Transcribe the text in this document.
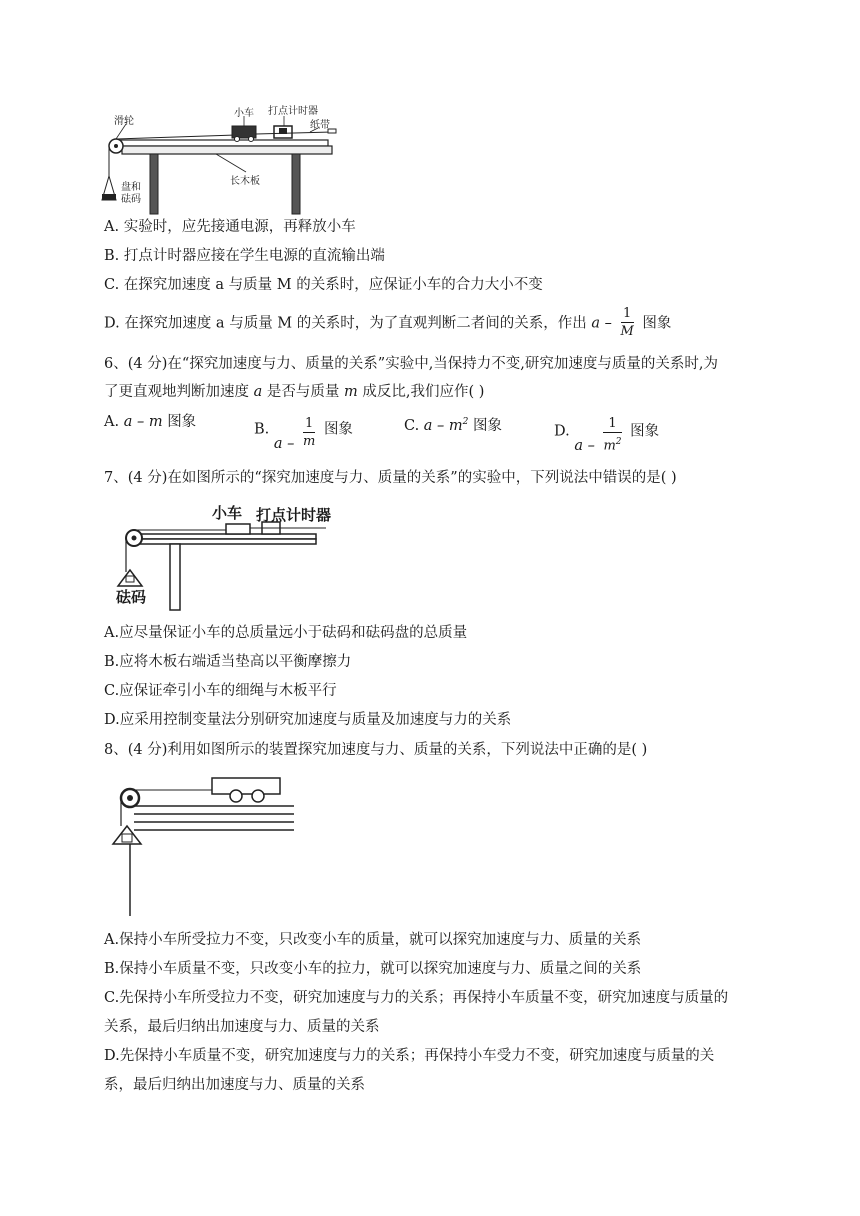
滑轮
小车 打点计时器
纸带
长木板
盘和
砝码
A. 实验时，应先接通电源，再释放小车
B. 打点计时器应接在学生电源的直流输出端
C. 在探究加速度 a 与质量 M 的关系时，应保证小车的合力大小不变
D. 在探究加速度 a 与质量 M 的关系时，为了直观判断二者间的关系，作出 a – $\frac{1}{M}$ 图象
6、(4 分)在“探究加速度与力、质量的关系”实验中,当保持力不变,研究加速度与质量的关系时,为
了更直观地判断加速度 a 是否与质量 m 成反比,我们应作( )
A. a – m 图象	B. a – $\frac{1}{m}$ 图象	C. a – $m^2$ 图象	D. a – $\frac{1}{m^2}$ 图象
7、(4 分)在如图所示的“探究加速度与力、质量的关系”的实验中，下列说法中错误的是( )
小车 打点计时器
砝码
A.应尽量保证小车的总质量远小于砝码和砝码盘的总质量
B.应将木板右端适当垫高以平衡摩擦力
C.应保证牵引小车的细绳与木板平行
D.应采用控制变量法分别研究加速度与质量及加速度与力的关系
8、(4 分)利用如图所示的装置探究加速度与力、质量的关系，下列说法中正确的是( )
A.保持小车所受拉力不变，只改变小车的质量，就可以探究加速度与力、质量的关系
B.保持小车质量不变，只改变小车的拉力，就可以探究加速度与力、质量之间的关系
C.先保持小车所受拉力不变，研究加速度与力的关系；再保持小车质量不变，研究加速度与质量的
关系，最后归纳出加速度与力、质量的关系
D.先保持小车质量不变，研究加速度与力的关系；再保持小车受力不变，研究加速度与质量的关
系，最后归纳出加速度与力、质量的关系
